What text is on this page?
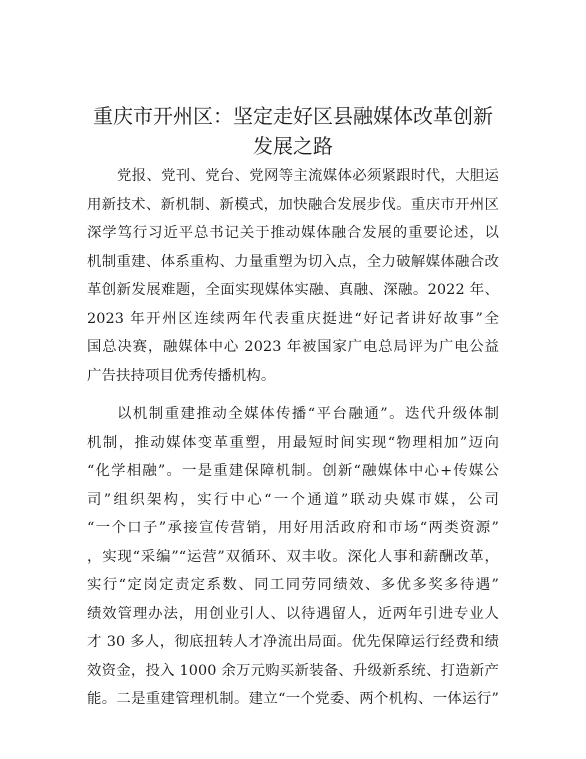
重庆市开州区：坚定走好区县融媒体改革创新
发展之路
党报、党刊、党台、党网等主流媒体必须紧跟时代，大胆运
用新技术、新机制、新模式，加快融合发展步伐。重庆市开州区
深学笃行习近平总书记关于推动媒体融合发展的重要论述，以
机制重建、体系重构、力量重塑为切入点，全力破解媒体融合改
革创新发展难题，全面实现媒体实融、真融、深融。2022 年、
2023 年开州区连续两年代表重庆挺进“好记者讲好故事”全
国总决赛，融媒体中心 2023 年被国家广电总局评为广电公益
广告扶持项目优秀传播机构。
以机制重建推动全媒体传播“平台融通”。迭代升级体制
机制，推动媒体变革重塑，用最短时间实现“物理相加”迈向
“化学相融”。一是重建保障机制。创新“融媒体中心+传媒公
司”组织架构，实行中心“一个通道”联动央媒市媒，公司
“一个口子”承接宣传营销，用好用活政府和市场“两类资源”
，实现“采编”“运营”双循环、双丰收。深化人事和薪酬改革，
实行“定岗定责定系数、同工同劳同绩效、多优多奖多待遇”
绩效管理办法，用创业引人、以待遇留人，近两年引进专业人
才 30 多人，彻底扭转人才净流出局面。优先保障运行经费和绩
效资金，投入 1000 余万元购买新装备、升级新系统、打造新产
能。二是重建管理机制。建立“一个党委、两个机构、一体运行”
